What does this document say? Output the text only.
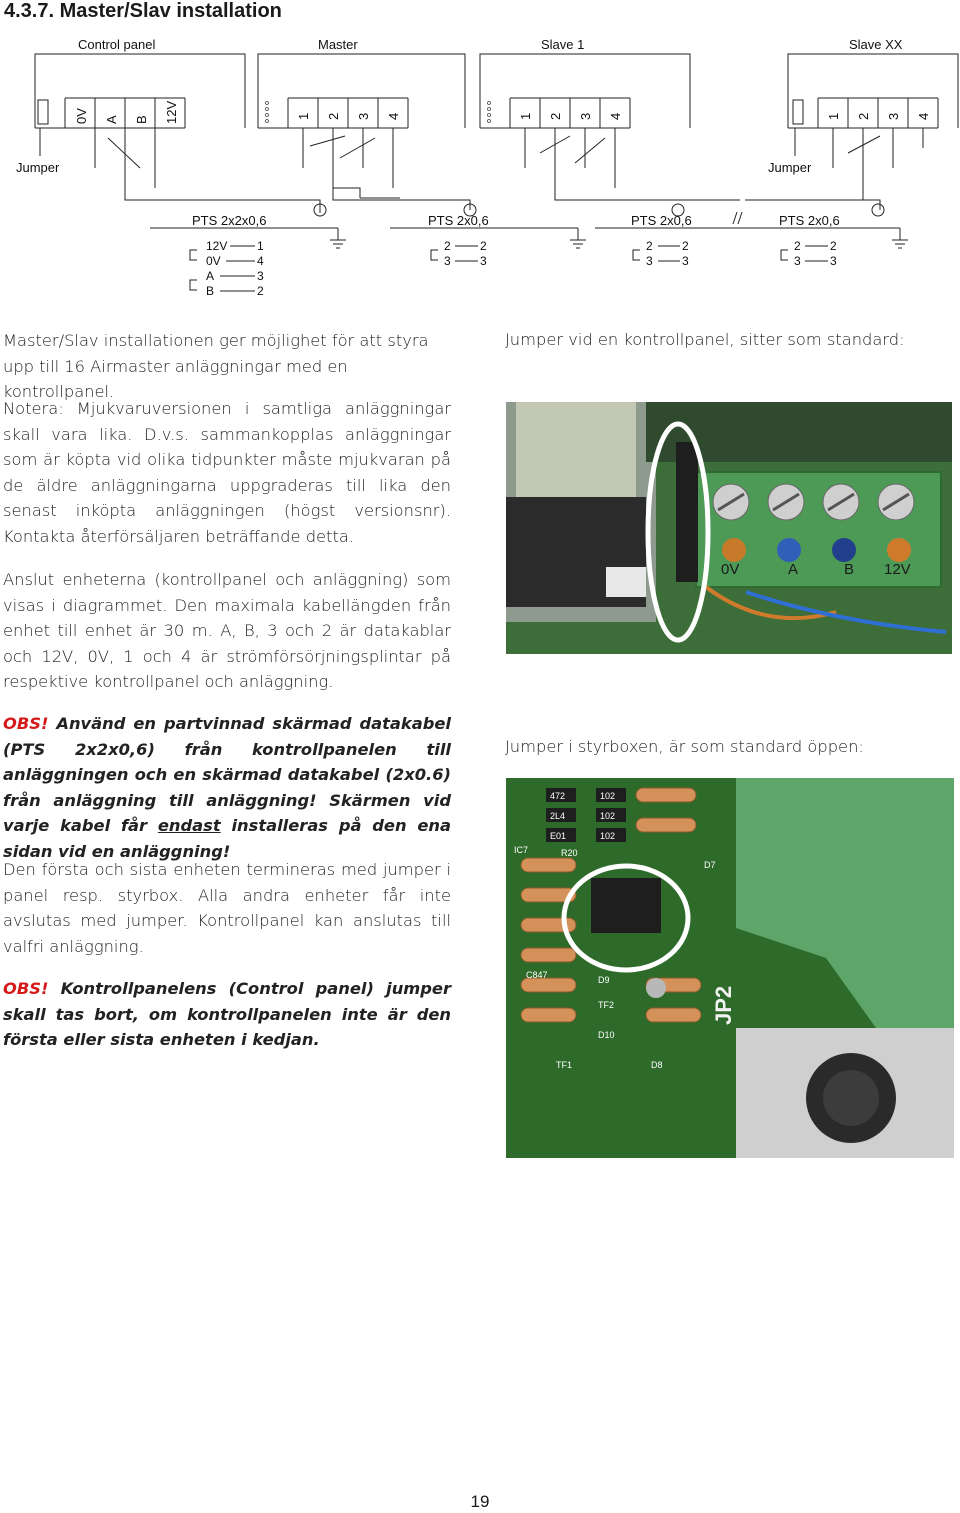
4.3.7. Master/Slav installation
Control panel	Master	Slave 1	Slave XX
0V A B 12V	1 2 3 4	1 2 3 4	1 2 3 4
Jumper	Jumper
PTS 2x2x0,6	PTS 2x0,6	PTS 2x0,6	PTS 2x0,6
12V
0V
A
B
1
4
3
2
2
3
2
3
2
3
2
3
2
3
2
3
Master/Slav installationen ger möjlighet för att styra upp till 16 Airmaster anläggningar med en kontrollpanel.
Notera: Mjukvaruversionen i samtliga anläggningar skall vara lika. D.v.s. sammankopplas anläggningar som är köpta vid olika tidpunkter måste mjukvaran på de äldre anläggningarna uppgraderas till lika den senast inköpta anläggningen (högst versionsnr). Kontakta återförsäljaren beträffande detta.
Anslut enheterna (kontrollpanel och anläggning) som visas i diagrammet. Den maximala kabellängden från enhet till enhet är 30 m. A, B, 3 och 2 är datakablar och 12V, 0V, 1 och 4 är strömförsörjningsplintar på respektive kontrollpanel och anläggning.
OBS! Använd en partvinnad skärmad datakabel (PTS 2x2x0,6) från kontrollpanelen till anläggningen och en skärmad datakabel (2x0.6) från anläggning till anläggning! Skärmen vid varje kabel får endast installeras på den ena sidan vid en anläggning!
Den första och sista enheten termineras med jumper i panel resp. styrbox. Alla andra enheter får inte avslutas med jumper. Kontrollpanel kan anslutas till valfri anläggning.
OBS! Kontrollpanelens (Control panel) jumper skall tas bort, om kontrollpanelen inte är den första eller sista enheten i kedjan.
Jumper vid en kontrollpanel, sitter som standard:
Jumper i styrboxen, är som standard öppen:
0V	A	B 12V
472	102
2L4	102
E01	102
R20
IC7
D7
D9
TF2
D10
TF1	D8
C847
JP2
19
